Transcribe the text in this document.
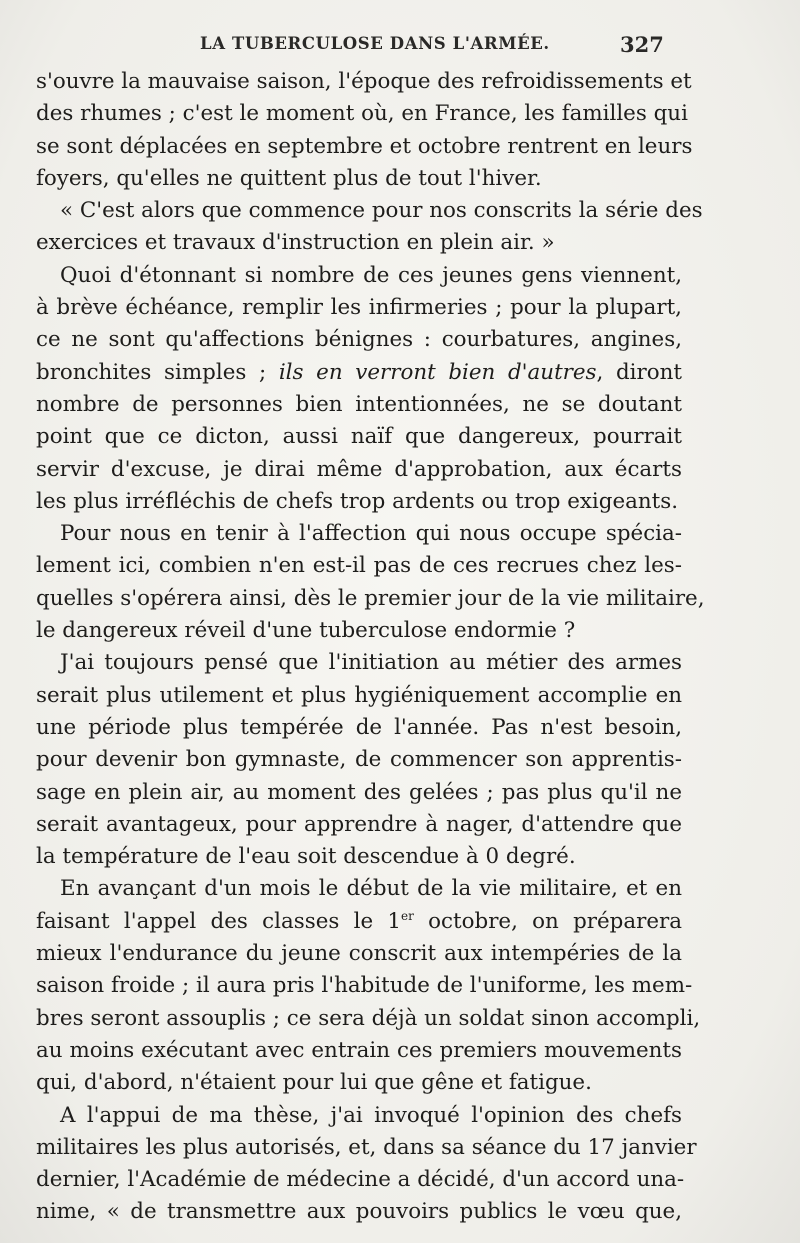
LA TUBERCULOSE DANS L'ARMÉE.	327
s'ouvre la mauvaise saison, l'époque des refroidissements et
des rhumes ; c'est le moment où, en France, les familles qui
se sont déplacées en septembre et octobre rentrent en leurs
foyers, qu'elles ne quittent plus de tout l'hiver.
« C'est alors que commence pour nos conscrits la série des
exercices et travaux d'instruction en plein air. »
Quoi d'étonnant si nombre de ces jeunes gens viennent,
à brève échéance, remplir les infirmeries ; pour la plupart,
ce ne sont qu'affections bénignes : courbatures, angines,
bronchites simples ; ils en verront bien d'autres, diront
nombre de personnes bien intentionnées, ne se doutant
point que ce dicton, aussi naïf que dangereux, pourrait
servir d'excuse, je dirai même d'approbation, aux écarts
les plus irréfléchis de chefs trop ardents ou trop exigeants.
Pour nous en tenir à l'affection qui nous occupe spécia-
lement ici, combien n'en est-il pas de ces recrues chez les-
quelles s'opérera ainsi, dès le premier jour de la vie militaire,
le dangereux réveil d'une tuberculose endormie ?
J'ai toujours pensé que l'initiation au métier des armes
serait plus utilement et plus hygiéniquement accomplie en
une période plus tempérée de l'année. Pas n'est besoin,
pour devenir bon gymnaste, de commencer son apprentis-
sage en plein air, au moment des gelées ; pas plus qu'il ne
serait avantageux, pour apprendre à nager, d'attendre que
la température de l'eau soit descendue à 0 degré.
En avançant d'un mois le début de la vie militaire, et en
faisant l'appel des classes le 1er octobre, on préparera
mieux l'endurance du jeune conscrit aux intempéries de la
saison froide ; il aura pris l'habitude de l'uniforme, les mem-
bres seront assouplis ; ce sera déjà un soldat sinon accompli,
au moins exécutant avec entrain ces premiers mouvements
qui, d'abord, n'étaient pour lui que gêne et fatigue.
A l'appui de ma thèse, j'ai invoqué l'opinion des chefs
militaires les plus autorisés, et, dans sa séance du 17 janvier
dernier, l'Académie de médecine a décidé, d'un accord una-
nime, « de transmettre aux pouvoirs publics le vœu que,
